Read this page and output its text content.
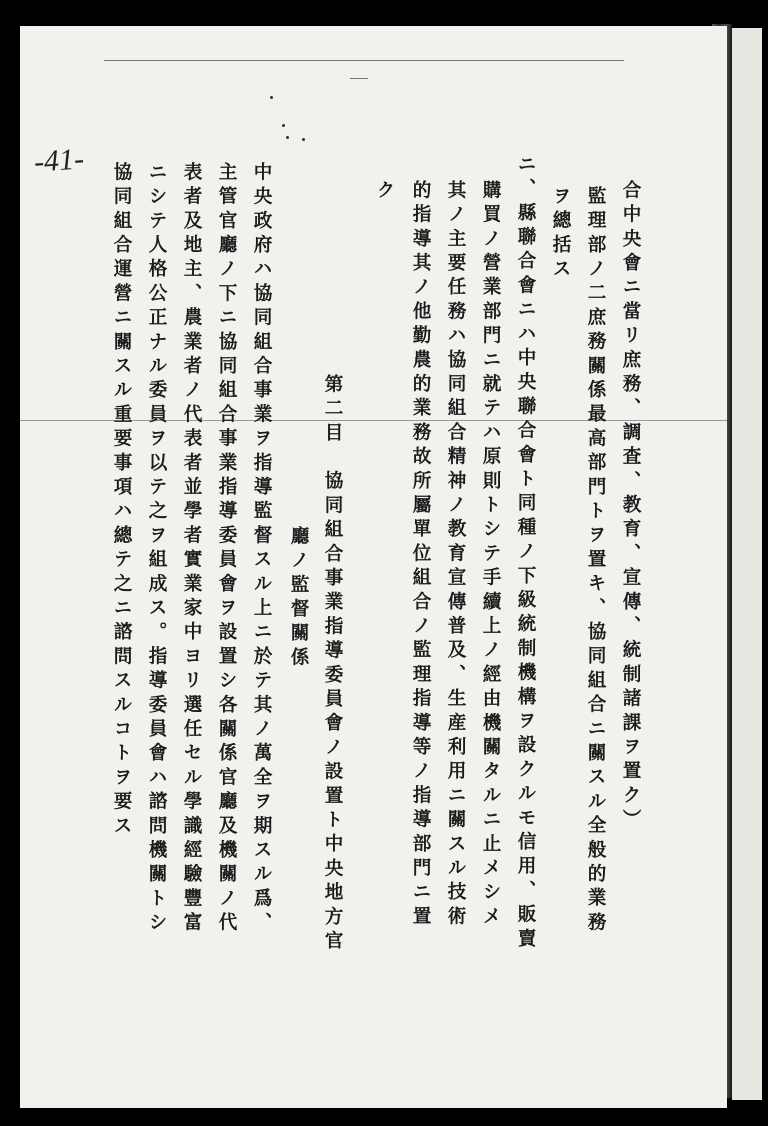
-41-
合中央會ニ當リ庶務、調査、教育、宣傳、統制諸課ヲ置ク）
監理部ノ二庶務關係最高部門トヲ置キ、協同組合ニ關スル全般的業務
ヲ總括ス
ニ、縣聯合會ニハ中央聯合會ト同種ノ下級統制機構ヲ設クルモ信用、販賣
購買ノ營業部門ニ就テハ原則トシテ手續上ノ經由機關タルニ止メシメ
其ノ主要任務ハ協同組合精神ノ教育宣傳普及、生産利用ニ關スル技術
的指導其ノ他勤農的業務故所屬單位組合ノ監理指導等ノ指導部門ニ置
ク
第二目　協同組合事業指導委員會ノ設置ト中央地方官
廳ノ監督關係
中央政府ハ協同組合事業ヲ指導監督スル上ニ於テ其ノ萬全ヲ期スル爲、
主管官廳ノ下ニ協同組合事業指導委員會ヲ設置シ各關係官廳及機關ノ代
表者及地主、農業者ノ代表者並學者實業家中ヨリ選任セル學識經驗豐富
ニシテ人格公正ナル委員ヲ以テ之ヲ組成ス。指導委員會ハ諮問機關トシ
協同組合運營ニ關スル重要事項ハ總テ之ニ諮問スルコトヲ要ス
